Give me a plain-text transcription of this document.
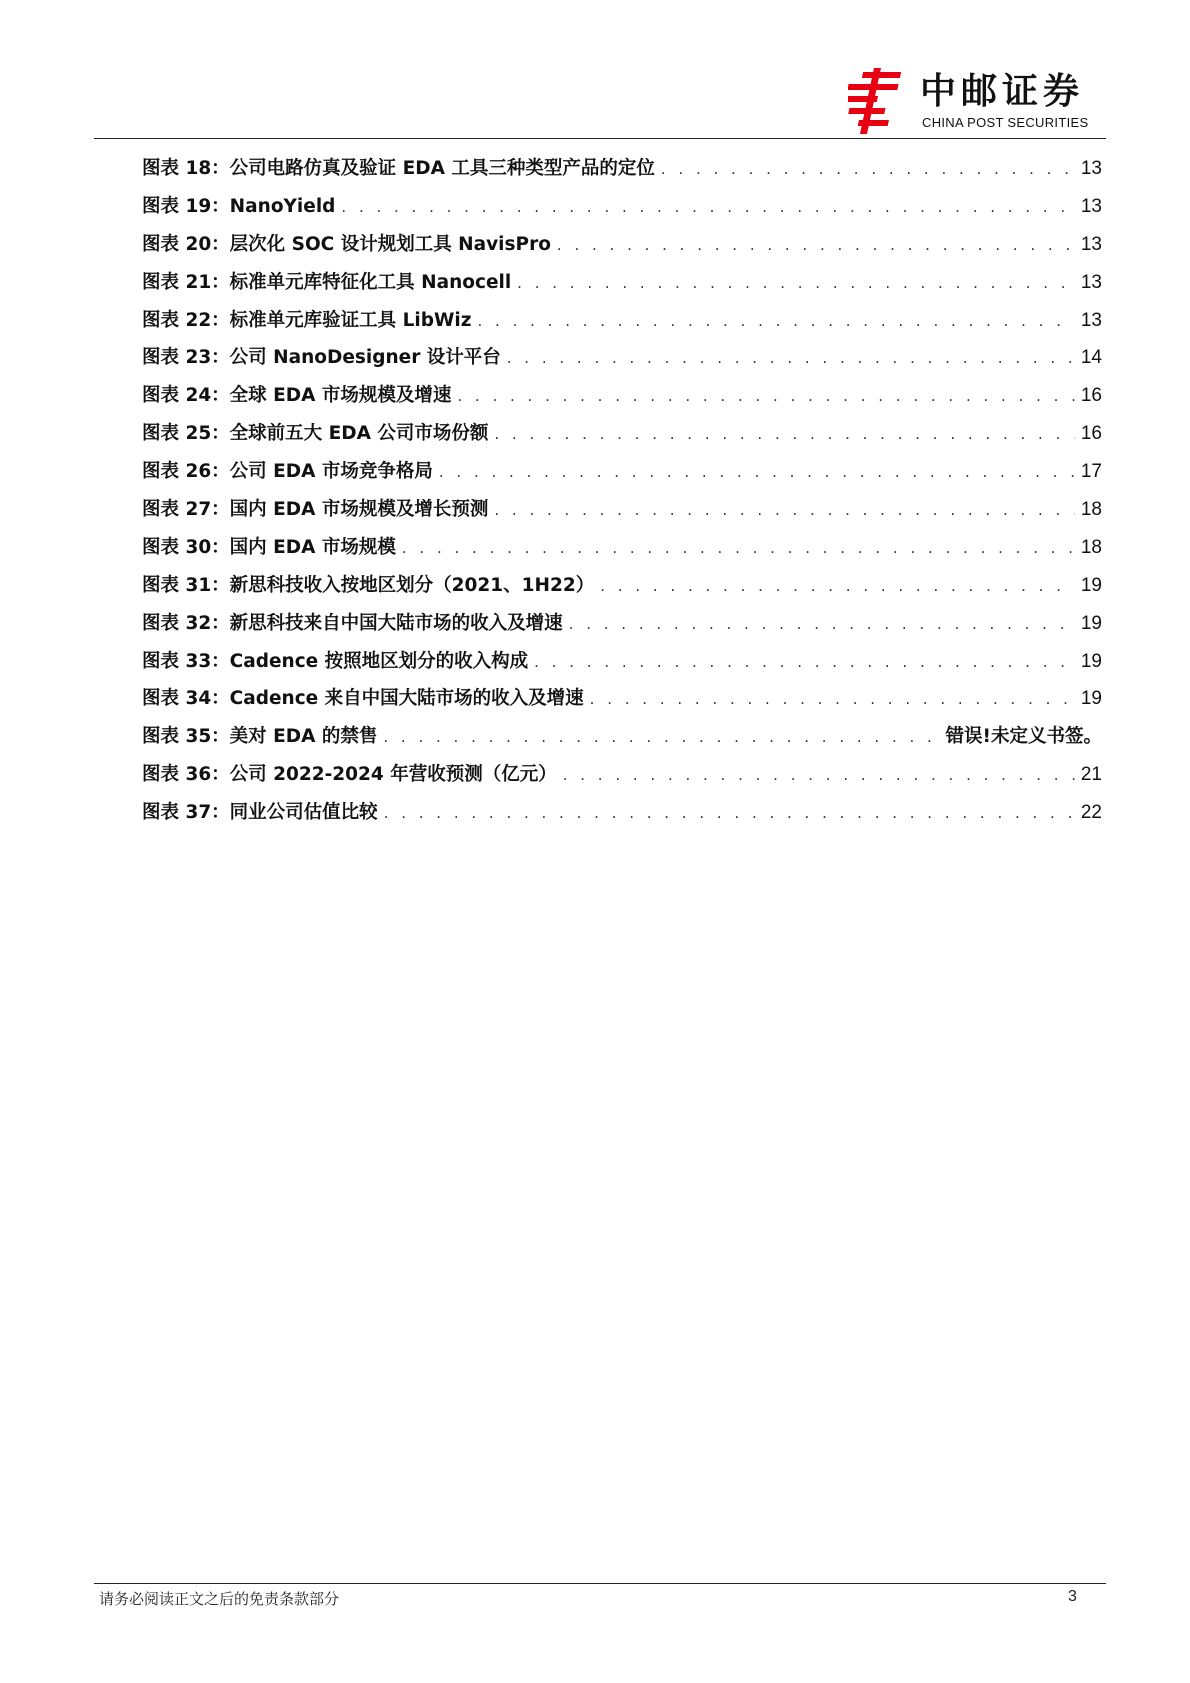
中邮证券
CHINA POST SECURITIES
图表 18：公司电路仿真及验证 EDA 工具三种类型产品的定位 . . .	13
图表 19：NanoYield . . .	13
图表 20：层次化 SOC 设计规划工具 NavisPro . . .	13
图表 21：标准单元库特征化工具 Nanocell . . .	13
图表 22：标准单元库验证工具 LibWiz . . .	13
图表 23：公司 NanoDesigner 设计平台 . . .	14
图表 24：全球 EDA 市场规模及增速 . . .	16
图表 25：全球前五大 EDA 公司市场份额 . . .	16
图表 26：公司 EDA 市场竞争格局 . . .	17
图表 27：国内 EDA 市场规模及增长预测 . . .	18
图表 30：国内 EDA 市场规模 . . .	18
图表 31：新思科技收入按地区划分（2021、1H22） . . .	19
图表 32：新思科技来自中国大陆市场的收入及增速 . . .	19
图表 33：Cadence 按照地区划分的收入构成 . . .	19
图表 34：Cadence 来自中国大陆市场的收入及增速 . . .	19
图表 35：美对 EDA 的禁售 . . .	错误!未定义书签。
图表 36：公司 2022-2024 年营收预测（亿元） . . .	21
图表 37：同业公司估值比较 . . .	22
请务必阅读正文之后的免责条款部分	3
